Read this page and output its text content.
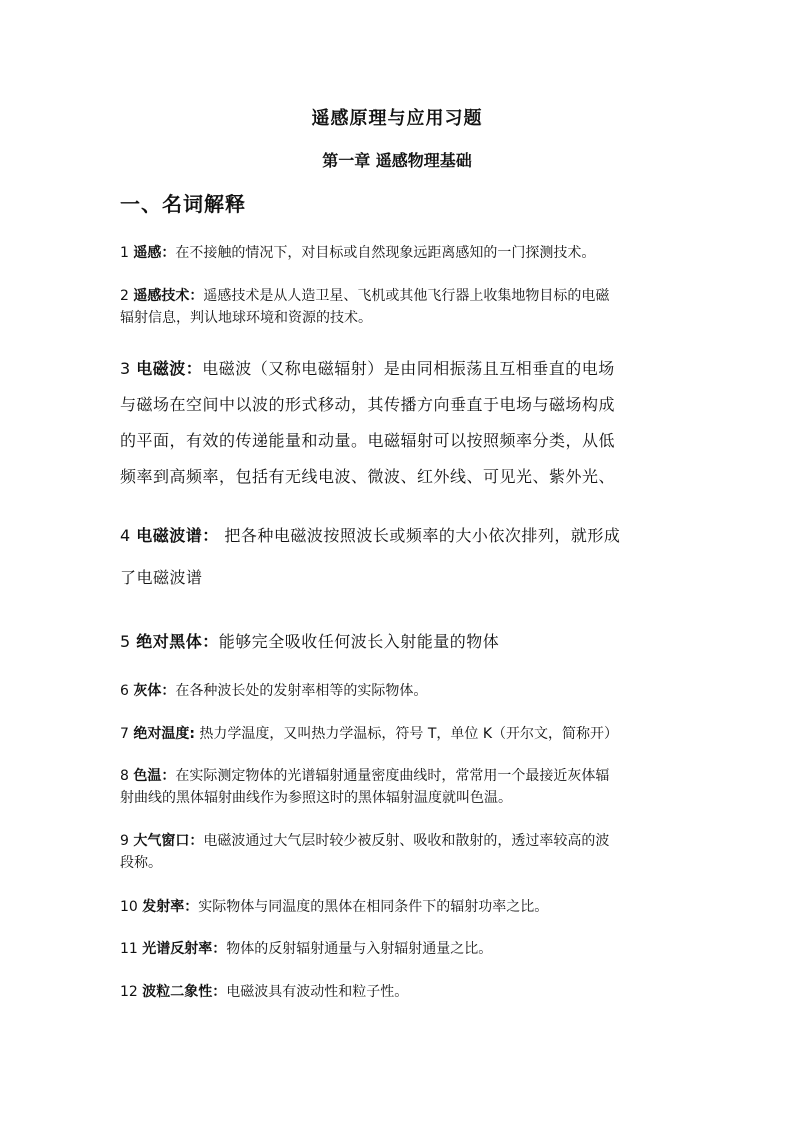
遥感原理与应用习题
第一章 遥感物理基础
一、名词解释
1 遥感：在不接触的情况下，对目标或自然现象远距离感知的一门探测技术。
2 遥感技术：遥感技术是从人造卫星、飞机或其他飞行器上收集地物目标的电磁
辐射信息，判认地球环境和资源的技术。
3 电磁波：电磁波（又称电磁辐射）是由同相振荡且互相垂直的电场
与磁场在空间中以波的形式移动，其传播方向垂直于电场与磁场构成
的平面，有效的传递能量和动量。电磁辐射可以按照频率分类，从低
频率到高频率，包括有无线电波、微波、红外线、可见光、紫外光、
4 电磁波谱： 把各种电磁波按照波长或频率的大小依次排列，就形成
了电磁波谱
5 绝对黑体：能够完全吸收任何波长入射能量的物体
6 灰体：在各种波长处的发射率相等的实际物体。
7 绝对温度: 热力学温度，又叫热力学温标，符号 T，单位 K（开尔文，简称开）
8 色温：在实际测定物体的光谱辐射通量密度曲线时，常常用一个最接近灰体辐
射曲线的黑体辐射曲线作为参照这时的黑体辐射温度就叫色温。
9 大气窗口：电磁波通过大气层时较少被反射、吸收和散射的，透过率较高的波
段称。
10 发射率：实际物体与同温度的黑体在相同条件下的辐射功率之比。
11 光谱反射率：物体的反射辐射通量与入射辐射通量之比。
12 波粒二象性：电磁波具有波动性和粒子性。
